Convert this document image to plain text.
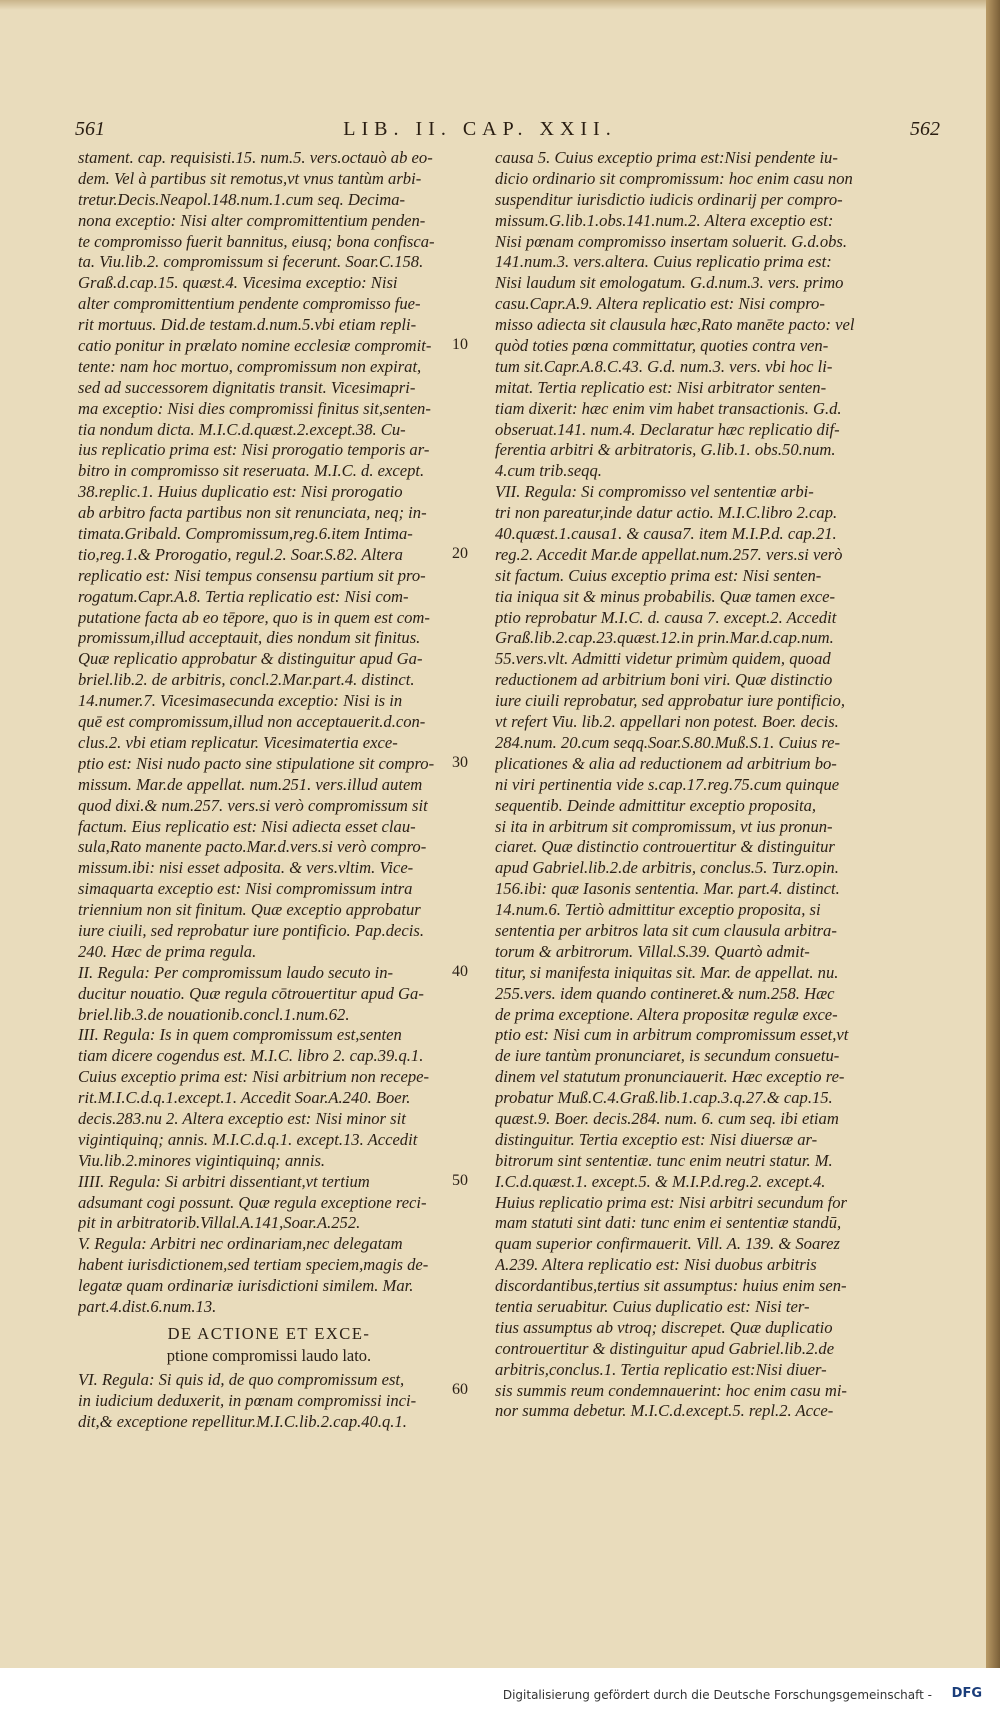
561	LIB. II. CAP. XXII.	562
stament. cap. requisisti.15. num.5. vers.octauò ab eo-
dem. Vel à partibus sit remotus,vt vnus tantùm arbi-
tretur.Decis.Neapol.148.num.1.cum seq. Decima-
nona exceptio: Nisi alter compromittentium penden-
te compromisso fuerit bannitus, eiusq; bona confisca-
ta. Viu.lib.2. compromissum si fecerunt. Soar.C.158.
Graß.d.cap.15. quæst.4. Vicesima exceptio: Nisi
alter compromittentium pendente compromisso fue-
rit mortuus. Did.de testam.d.num.5.vbi etiam repli-
catio ponitur in prælato nomine ecclesiæ compromit-
tente: nam hoc mortuo, compromissum non expirat,
sed ad successorem dignitatis transit. Vicesimapri-
ma exceptio: Nisi dies compromissi finitus sit,senten-
tia nondum dicta. M.I.C.d.quæst.2.except.38. Cu-
ius replicatio prima est: Nisi prorogatio temporis ar-
bitro in compromisso sit reseruata. M.I.C. d. except.
38.replic.1. Huius duplicatio est: Nisi prorogatio
ab arbitro facta partibus non sit renunciata, neq; in-
timata.Gribald. Compromissum,reg.6.item Intima-
tio,reg.1.& Prorogatio, regul.2. Soar.S.82. Altera
replicatio est: Nisi tempus consensu partium sit pro-
rogatum.Capr.A.8. Tertia replicatio est: Nisi com-
putatione facta ab eo tēpore, quo is in quem est com-
promissum,illud acceptauit, dies nondum sit finitus.
Quæ replicatio approbatur & distinguitur apud Ga-
briel.lib.2. de arbitris, concl.2.Mar.part.4. distinct.
14.numer.7. Vicesimasecunda exceptio: Nisi is in
quē est compromissum,illud non acceptauerit.d.con-
clus.2. vbi etiam replicatur. Vicesimatertia exce-
ptio est: Nisi nudo pacto sine stipulatione sit compro-
missum. Mar.de appellat. num.251. vers.illud autem
quod dixi.& num.257. vers.si verò compromissum sit
factum. Eius replicatio est: Nisi adiecta esset clau-
sula,Rato manente pacto.Mar.d.vers.si verò compro-
missum.ibi: nisi esset adposita. & vers.vltim. Vice-
simaquarta exceptio est: Nisi compromissum intra
triennium non sit finitum. Quæ exceptio approbatur
iure ciuili, sed reprobatur iure pontificio. Pap.decis.
240. Hæc de prima regula.
II. Regula: Per compromissum laudo secuto in-
ducitur nouatio. Quæ regula cōtrouertitur apud Ga-
briel.lib.3.de nouationib.concl.1.num.62.
III. Regula: Is in quem compromissum est,senten
tiam dicere cogendus est. M.I.C. libro 2. cap.39.q.1.
Cuius exceptio prima est: Nisi arbitrium non recepe-
rit.M.I.C.d.q.1.except.1. Accedit Soar.A.240. Boer.
decis.283.nu 2. Altera exceptio est: Nisi minor sit
vigintiquinq; annis. M.I.C.d.q.1. except.13. Accedit
Viu.lib.2.minores vigintiquinq; annis.
IIII. Regula: Si arbitri dissentiant,vt tertium
adsumant cogi possunt. Quæ regula exceptione reci-
pit in arbitratorib.Villal.A.141,Soar.A.252.
V. Regula: Arbitri nec ordinariam,nec delegatam
habent iurisdictionem,sed tertiam speciem,magis de-
legatæ quam ordinariæ iurisdictioni similem. Mar.
part.4.dist.6.num.13.
DE ACTIONE ET EXCE-
ptione compromissi laudo lato.
VI. Regula: Si quis id, de quo compromissum est,
in iudicium deduxerit, in pœnam compromissi inci-
dit,& exceptione repellitur.M.I.C.lib.2.cap.40.q.1.
causa 5. Cuius exceptio prima est:Nisi pendente iu-
dicio ordinario sit compromissum: hoc enim casu non
suspenditur iurisdictio iudicis ordinarij per compro-
missum.G.lib.1.obs.141.num.2. Altera exceptio est:
Nisi pœnam compromisso insertam soluerit. G.d.obs.
141.num.3. vers.altera. Cuius replicatio prima est:
Nisi laudum sit emologatum. G.d.num.3. vers. primo
casu.Capr.A.9. Altera replicatio est: Nisi compro-
misso adiecta sit clausula hæc,Rato manēte pacto: vel
quòd toties pœna committatur, quoties contra ven-
tum sit.Capr.A.8.C.43. G.d. num.3. vers. vbi hoc li-
mitat. Tertia replicatio est: Nisi arbitrator senten-
tiam dixerit: hæc enim vim habet transactionis. G.d.
obseruat.141. num.4. Declaratur hæc replicatio dif-
ferentia arbitri & arbitratoris, G.lib.1. obs.50.num.
4.cum trib.seqq.
VII. Regula: Si compromisso vel sententiæ arbi-
tri non pareatur,inde datur actio. M.I.C.libro 2.cap.
40.quæst.1.causa1. & causa7. item M.I.P.d. cap.21.
reg.2. Accedit Mar.de appellat.num.257. vers.si verò
sit factum. Cuius exceptio prima est: Nisi senten-
tia iniqua sit & minus probabilis. Quæ tamen exce-
ptio reprobatur M.I.C. d. causa 7. except.2. Accedit
Graß.lib.2.cap.23.quæst.12.in prin.Mar.d.cap.num.
55.vers.vlt. Admitti videtur primùm quidem, quoad
reductionem ad arbitrium boni viri. Quæ distinctio
iure ciuili reprobatur, sed approbatur iure pontificio,
vt refert Viu. lib.2. appellari non potest. Boer. decis.
284.num. 20.cum seqq.Soar.S.80.Muß.S.1. Cuius re-
plicationes & alia ad reductionem ad arbitrium bo-
ni viri pertinentia vide s.cap.17.reg.75.cum quinque
sequentib. Deinde admittitur exceptio proposita,
si ita in arbitrum sit compromissum, vt ius pronun-
ciaret. Quæ distinctio controuertitur & distinguitur
apud Gabriel.lib.2.de arbitris, conclus.5. Turz.opin.
156.ibi: quæ Iasonis sententia. Mar. part.4. distinct.
14.num.6. Tertiò admittitur exceptio proposita, si
sententia per arbitros lata sit cum clausula arbitra-
torum & arbitrorum. Villal.S.39. Quartò admit-
titur, si manifesta iniquitas sit. Mar. de appellat. nu.
255.vers. idem quando contineret.& num.258. Hæc
de prima exceptione. Altera propositæ regulæ exce-
ptio est: Nisi cum in arbitrum compromissum esset,vt
de iure tantùm pronunciaret, is secundum consuetu-
dinem vel statutum pronunciauerit. Hæc exceptio re-
probatur Muß.C.4.Graß.lib.1.cap.3.q.27.& cap.15.
quæst.9. Boer. decis.284. num. 6. cum seq. ibi etiam
distinguitur. Tertia exceptio est: Nisi diuersæ ar-
bitrorum sint sententiæ. tunc enim neutri statur. M.
I.C.d.quæst.1. except.5. & M.I.P.d.reg.2. except.4.
Huius replicatio prima est: Nisi arbitri secundum for
mam statuti sint dati: tunc enim ei sententiæ standū,
quam superior confirmauerit. Vill. A. 139. & Soarez
A.239. Altera replicatio est: Nisi duobus arbitris
discordantibus,tertius sit assumptus: huius enim sen-
tentia seruabitur. Cuius duplicatio est: Nisi ter-
tius assumptus ab vtroq; discrepet. Quæ duplicatio
controuertitur & distinguitur apud Gabriel.lib.2.de
arbitris,conclus.1. Tertia replicatio est:Nisi diuer-
sis summis reum condemnauerint: hoc enim casu mi-
nor summa debetur. M.I.C.d.except.5. repl.2. Acce-
10
20
30
40
50
60
Digitalisierung gefördert durch die Deutsche Forschungsgemeinschaft - DFG
